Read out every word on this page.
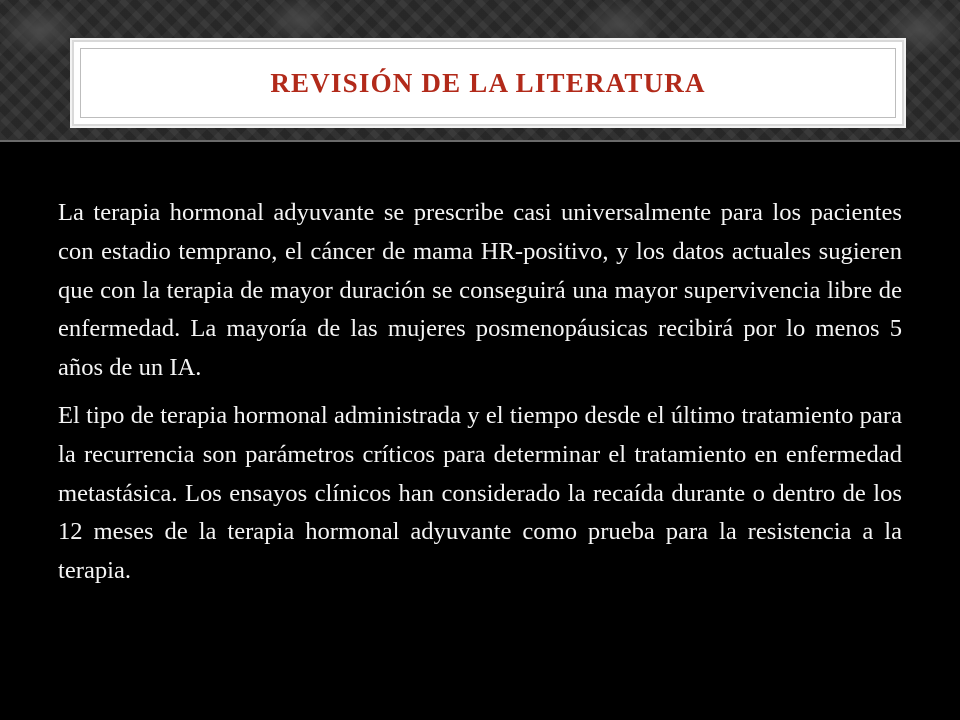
REVISIÓN DE LA LITERATURA

La terapia hormonal adyuvante se prescribe casi universalmente para los pacientes con estadio temprano, el cáncer de mama HR-positivo, y los datos actuales sugieren que con la terapia de mayor duración se conseguirá una mayor supervivencia libre de enfermedad. La mayoría de las mujeres posmenopáusicas recibirá por lo menos 5 años de un IA.

El tipo de terapia hormonal administrada y el tiempo desde el último tratamiento para la recurrencia son parámetros críticos para determinar el tratamiento en enfermedad metastásica. Los ensayos clínicos han considerado la recaída durante o dentro de los 12 meses de la terapia hormonal adyuvante como prueba para la resistencia a la terapia.
